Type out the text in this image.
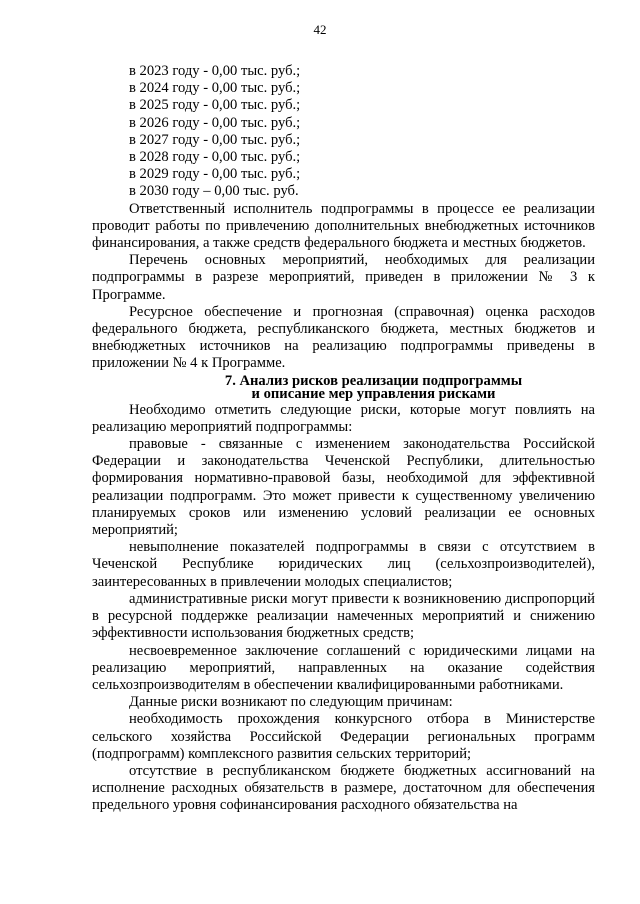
42

в 2023 году - 0,00 тыс. руб.;

в 2024 году - 0,00 тыс. руб.;

в 2025 году - 0,00 тыс. руб.;

в 2026 году - 0,00 тыс. руб.;

в 2027 году - 0,00 тыс. руб.;

в 2028 году - 0,00 тыс. руб.;

в 2029 году - 0,00 тыс. руб.;

в 2030 году – 0,00 тыс. руб.

Ответственный исполнитель подпрограммы в процессе ее реализации проводит работы по привлечению дополнительных внебюджетных источников финансирования, а также средств федерального бюджета и местных бюджетов.

Перечень основных мероприятий, необходимых для реализации подпрограммы в разрезе мероприятий, приведен в приложении № 3 к Программе.

Ресурсное обеспечение и прогнозная (справочная) оценка расходов федерального бюджета, республиканского бюджета, местных бюджетов и внебюджетных источников на реализацию подпрограммы приведены в приложении № 4 к Программе.

7. Анализ рисков реализации подпрограммы
и описание мер управления рисками

Необходимо отметить следующие риски, которые могут повлиять на реализацию мероприятий подпрограммы:

правовые - связанные с изменением законодательства Российской Федерации и законодательства Чеченской Республики, длительностью формирования нормативно-правовой базы, необходимой для эффективной реализации подпрограмм. Это может привести к существенному увеличению планируемых сроков или изменению условий реализации ее основных мероприятий;

невыполнение показателей подпрограммы в связи с отсутствием в Чеченской Республике юридических лиц (сельхозпроизводителей), заинтересованных в привлечении молодых специалистов;

административные риски могут привести к возникновению диспропорций в ресурсной поддержке реализации намеченных мероприятий и снижению эффективности использования бюджетных средств;

несвоевременное заключение соглашений с юридическими лицами на реализацию мероприятий, направленных на оказание содействия сельхозпроизводителям в обеспечении квалифицированными работниками.

Данные риски возникают по следующим причинам:

необходимость прохождения конкурсного отбора в Министерстве сельского хозяйства Российской Федерации региональных программ (подпрограмм) комплексного развития сельских территорий;

отсутствие в республиканском бюджете бюджетных ассигнований на исполнение расходных обязательств в размере, достаточном для обеспечения предельного уровня софинансирования расходного обязательства на
